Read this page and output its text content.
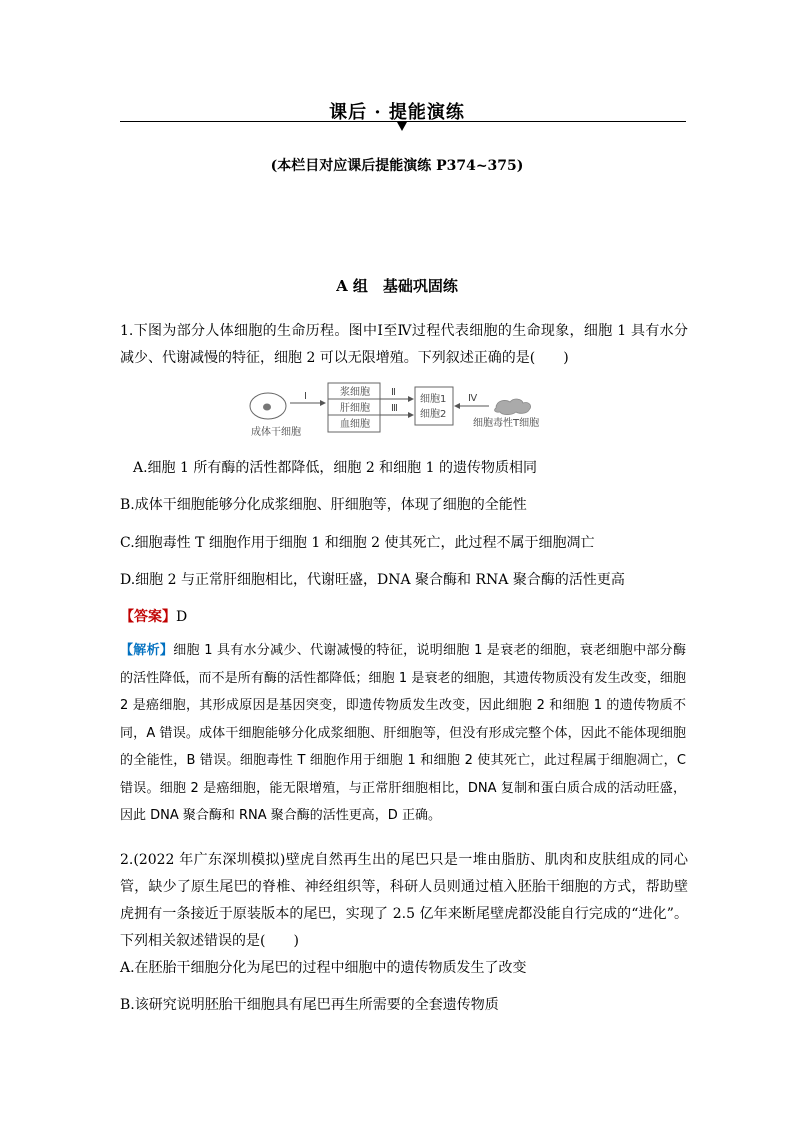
课后 · 提能演练
(本栏目对应课后提能演练 P374~375)
A 组　基础巩固练
1.下图为部分人体细胞的生命历程。图中Ⅰ至Ⅳ过程代表细胞的生命现象，细胞 1 具有水分减少、代谢减慢的特征，细胞 2 可以无限增殖。下列叙述正确的是(　　)
成体干细胞
Ⅰ	浆细胞
肝细胞
血细胞
Ⅱ
Ⅲ
细胞1
细胞2
Ⅳ
细胞毒性T细胞
A.细胞 1 所有酶的活性都降低，细胞 2 和细胞 1 的遗传物质相同
B.成体干细胞能够分化成浆细胞、肝细胞等，体现了细胞的全能性
C.细胞毒性 T 细胞作用于细胞 1 和细胞 2 使其死亡，此过程不属于细胞凋亡
D.细胞 2 与正常肝细胞相比，代谢旺盛，DNA 聚合酶和 RNA 聚合酶的活性更高
【答案】D
【解析】细胞 1 具有水分减少、代谢减慢的特征，说明细胞 1 是衰老的细胞，衰老细胞中部分酶的活性降低，而不是所有酶的活性都降低；细胞 1 是衰老的细胞，其遗传物质没有发生改变，细胞 2 是癌细胞，其形成原因是基因突变，即遗传物质发生改变，因此细胞 2 和细胞 1 的遗传物质不同，A 错误。成体干细胞能够分化成浆细胞、肝细胞等，但没有形成完整个体，因此不能体现细胞的全能性，B 错误。细胞毒性 T 细胞作用于细胞 1 和细胞 2 使其死亡，此过程属于细胞凋亡，C 错误。细胞 2 是癌细胞，能无限增殖，与正常肝细胞相比，DNA 复制和蛋白质合成的活动旺盛，因此 DNA 聚合酶和 RNA 聚合酶的活性更高，D 正确。
2.(2022 年广东深圳模拟)壁虎自然再生出的尾巴只是一堆由脂肪、肌肉和皮肤组成的同心管，缺少了原生尾巴的脊椎、神经组织等，科研人员则通过植入胚胎干细胞的方式，帮助壁虎拥有一条接近于原装版本的尾巴，实现了 2.5 亿年来断尾壁虎都没能自行完成的“进化”。下列相关叙述错误的是(　　)
A.在胚胎干细胞分化为尾巴的过程中细胞中的遗传物质发生了改变
B.该研究说明胚胎干细胞具有尾巴再生所需要的全套遗传物质
